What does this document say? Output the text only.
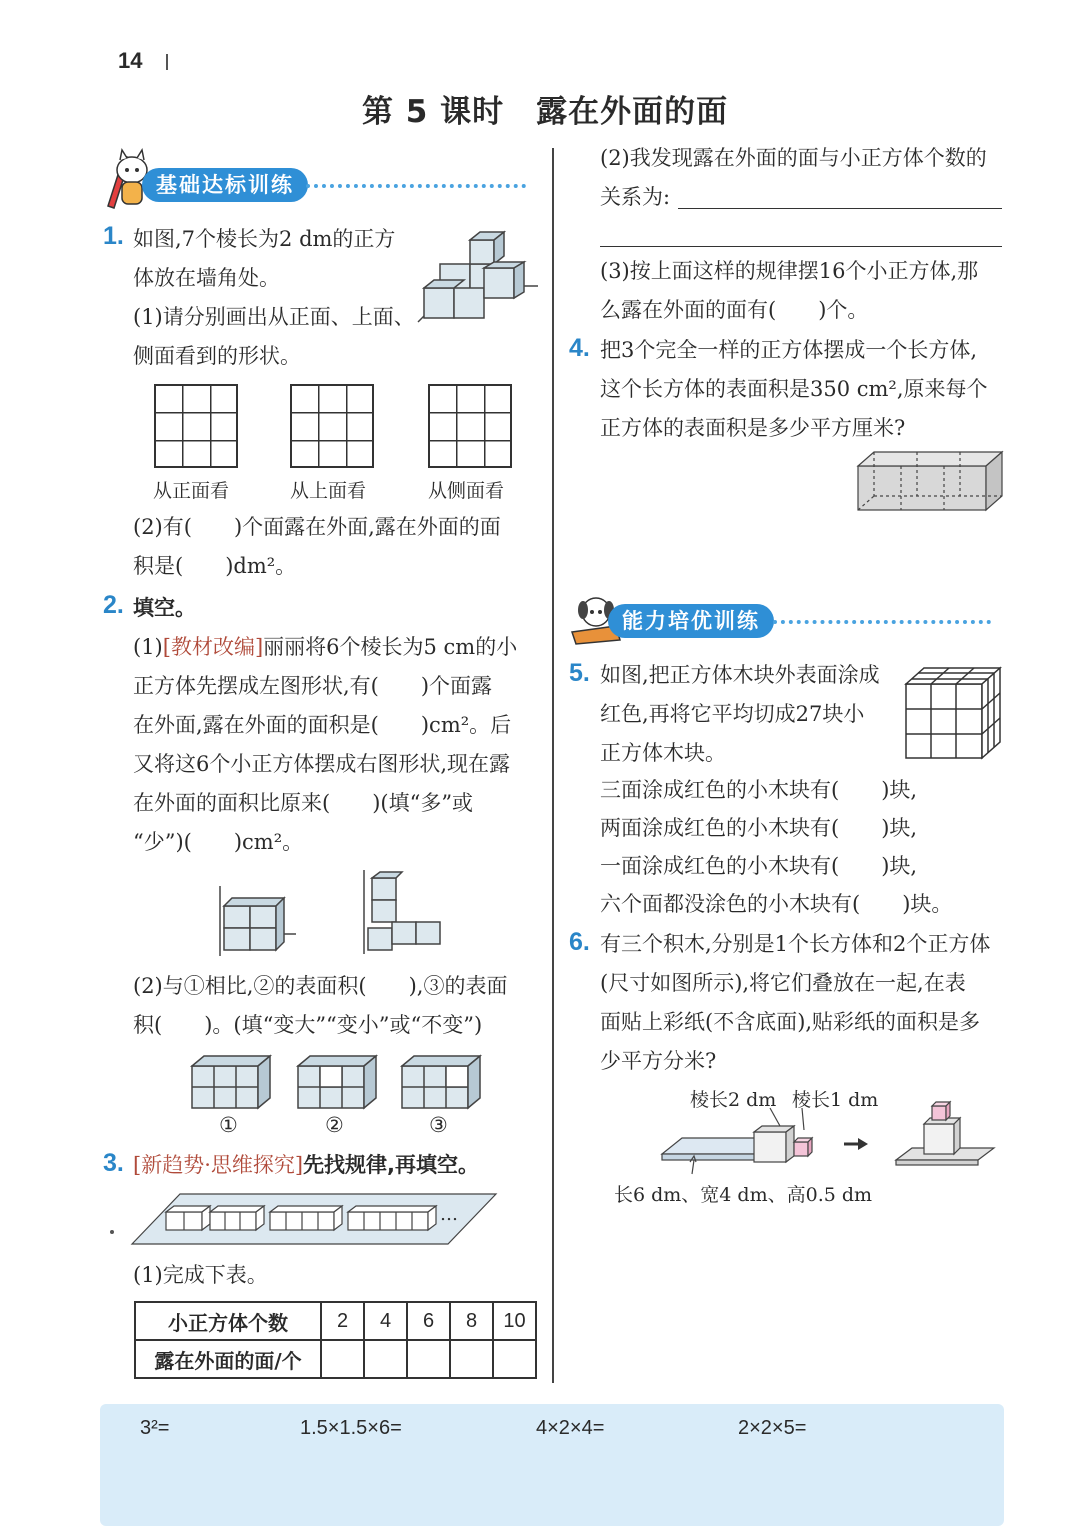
14
第 5 课时　露在外面的面
基础达标训练
1. 如图,7个棱长为2 dm的正方
体放在墙角处。
(1)请分别画出从正面、上面、
侧面看到的形状。
从正面看	从上面看	从侧面看
(2)有(　　)个面露在外面,露在外面的面
积是(　　)dm²。
2. 填空。
(1)[教材改编]丽丽将6个棱长为5 cm的小
正方体先摆成左图形状,有(　　)个面露
在外面,露在外面的面积是(　　)cm²。后
又将这6个小正方体摆成右图形状,现在露
在外面的面积比原来(　　)(填“多”或
“少”)(　　)cm²。
(2)与①相比,②的表面积(　　),③的表面
积(　　)。(填“变大”“变小”或“不变”)
①	②	③
3. [新趋势·思维探究]先找规律,再填空。
…
(1)完成下表。
小正方体个数	2	4	6	8	10
露在外面的面/个					
(2)我发现露在外面的面与小正方体个数的
关系为:
(3)按上面这样的规律摆16个小正方体,那
么露在外面的面有(　　)个。
4. 把3个完全一样的正方体摆成一个长方体,
这个长方体的表面积是350 cm²,原来每个
正方体的表面积是多少平方厘米?
能力培优训练
5. 如图,把正方体木块外表面涂成
红色,再将它平均切成27块小
正方体木块。
三面涂成红色的小木块有(　　)块,
两面涂成红色的小木块有(　　)块,
一面涂成红色的小木块有(　　)块,
六个面都没涂色的小木块有(　　)块。
6. 有三个积木,分别是1个长方体和2个正方体
(尺寸如图所示),将它们叠放在一起,在表
面贴上彩纸(不含底面),贴彩纸的面积是多
少平方分米?
棱长2 dm 棱长1 dm
长6 dm、宽4 dm、高0.5 dm
3²=	1.5×1.5×6=	4×2×4=	2×2×5=
